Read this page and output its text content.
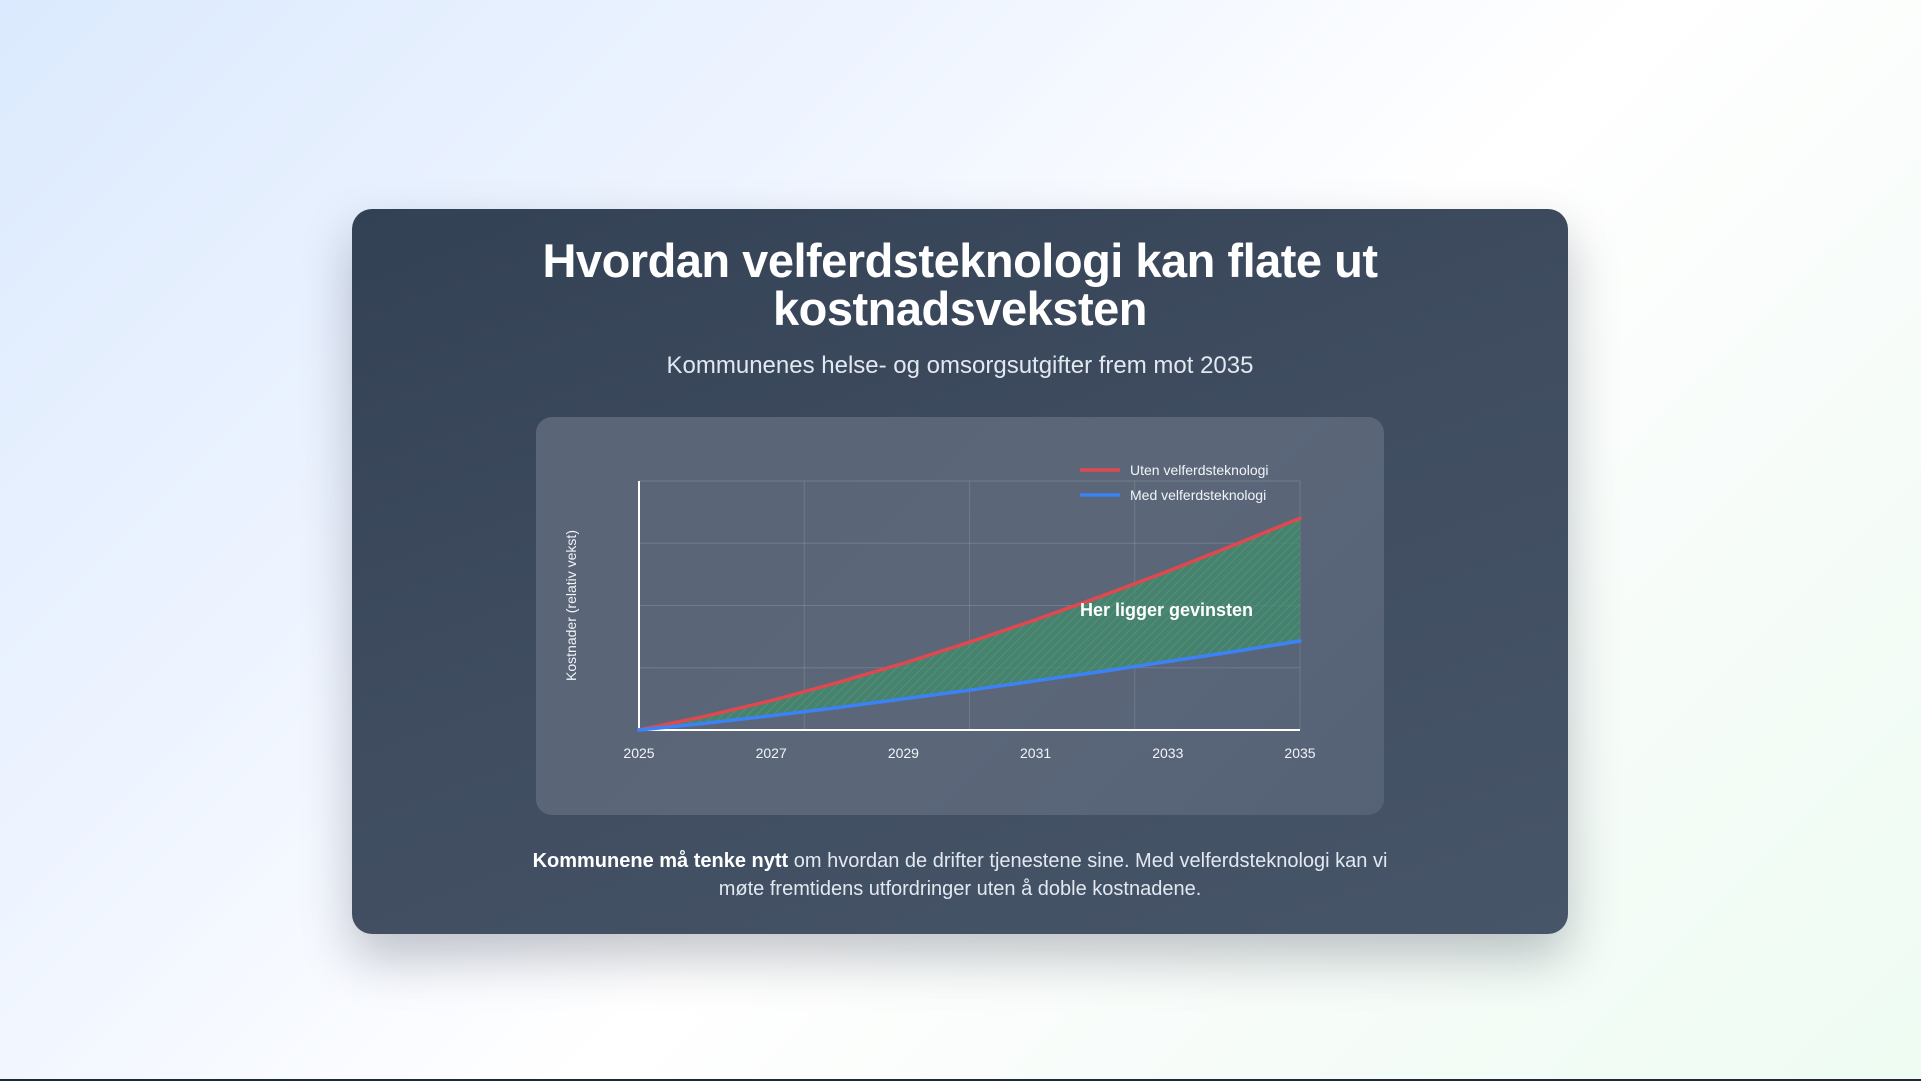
Hvordan velferdsteknologi kan flate ut kostnadsveksten
Kommunenes helse- og omsorgsutgifter frem mot 2035
2025	2027	2029	2031	2033	2035
Kostnader (relativ vekst)
Uten velferdsteknologi
Med velferdsteknologi
Her ligger gevinsten
Kommunene må tenke nytt om hvordan de drifter tjenestene sine. Med velferdsteknologi kan vi møte fremtidens utfordringer uten å doble kostnadene.
